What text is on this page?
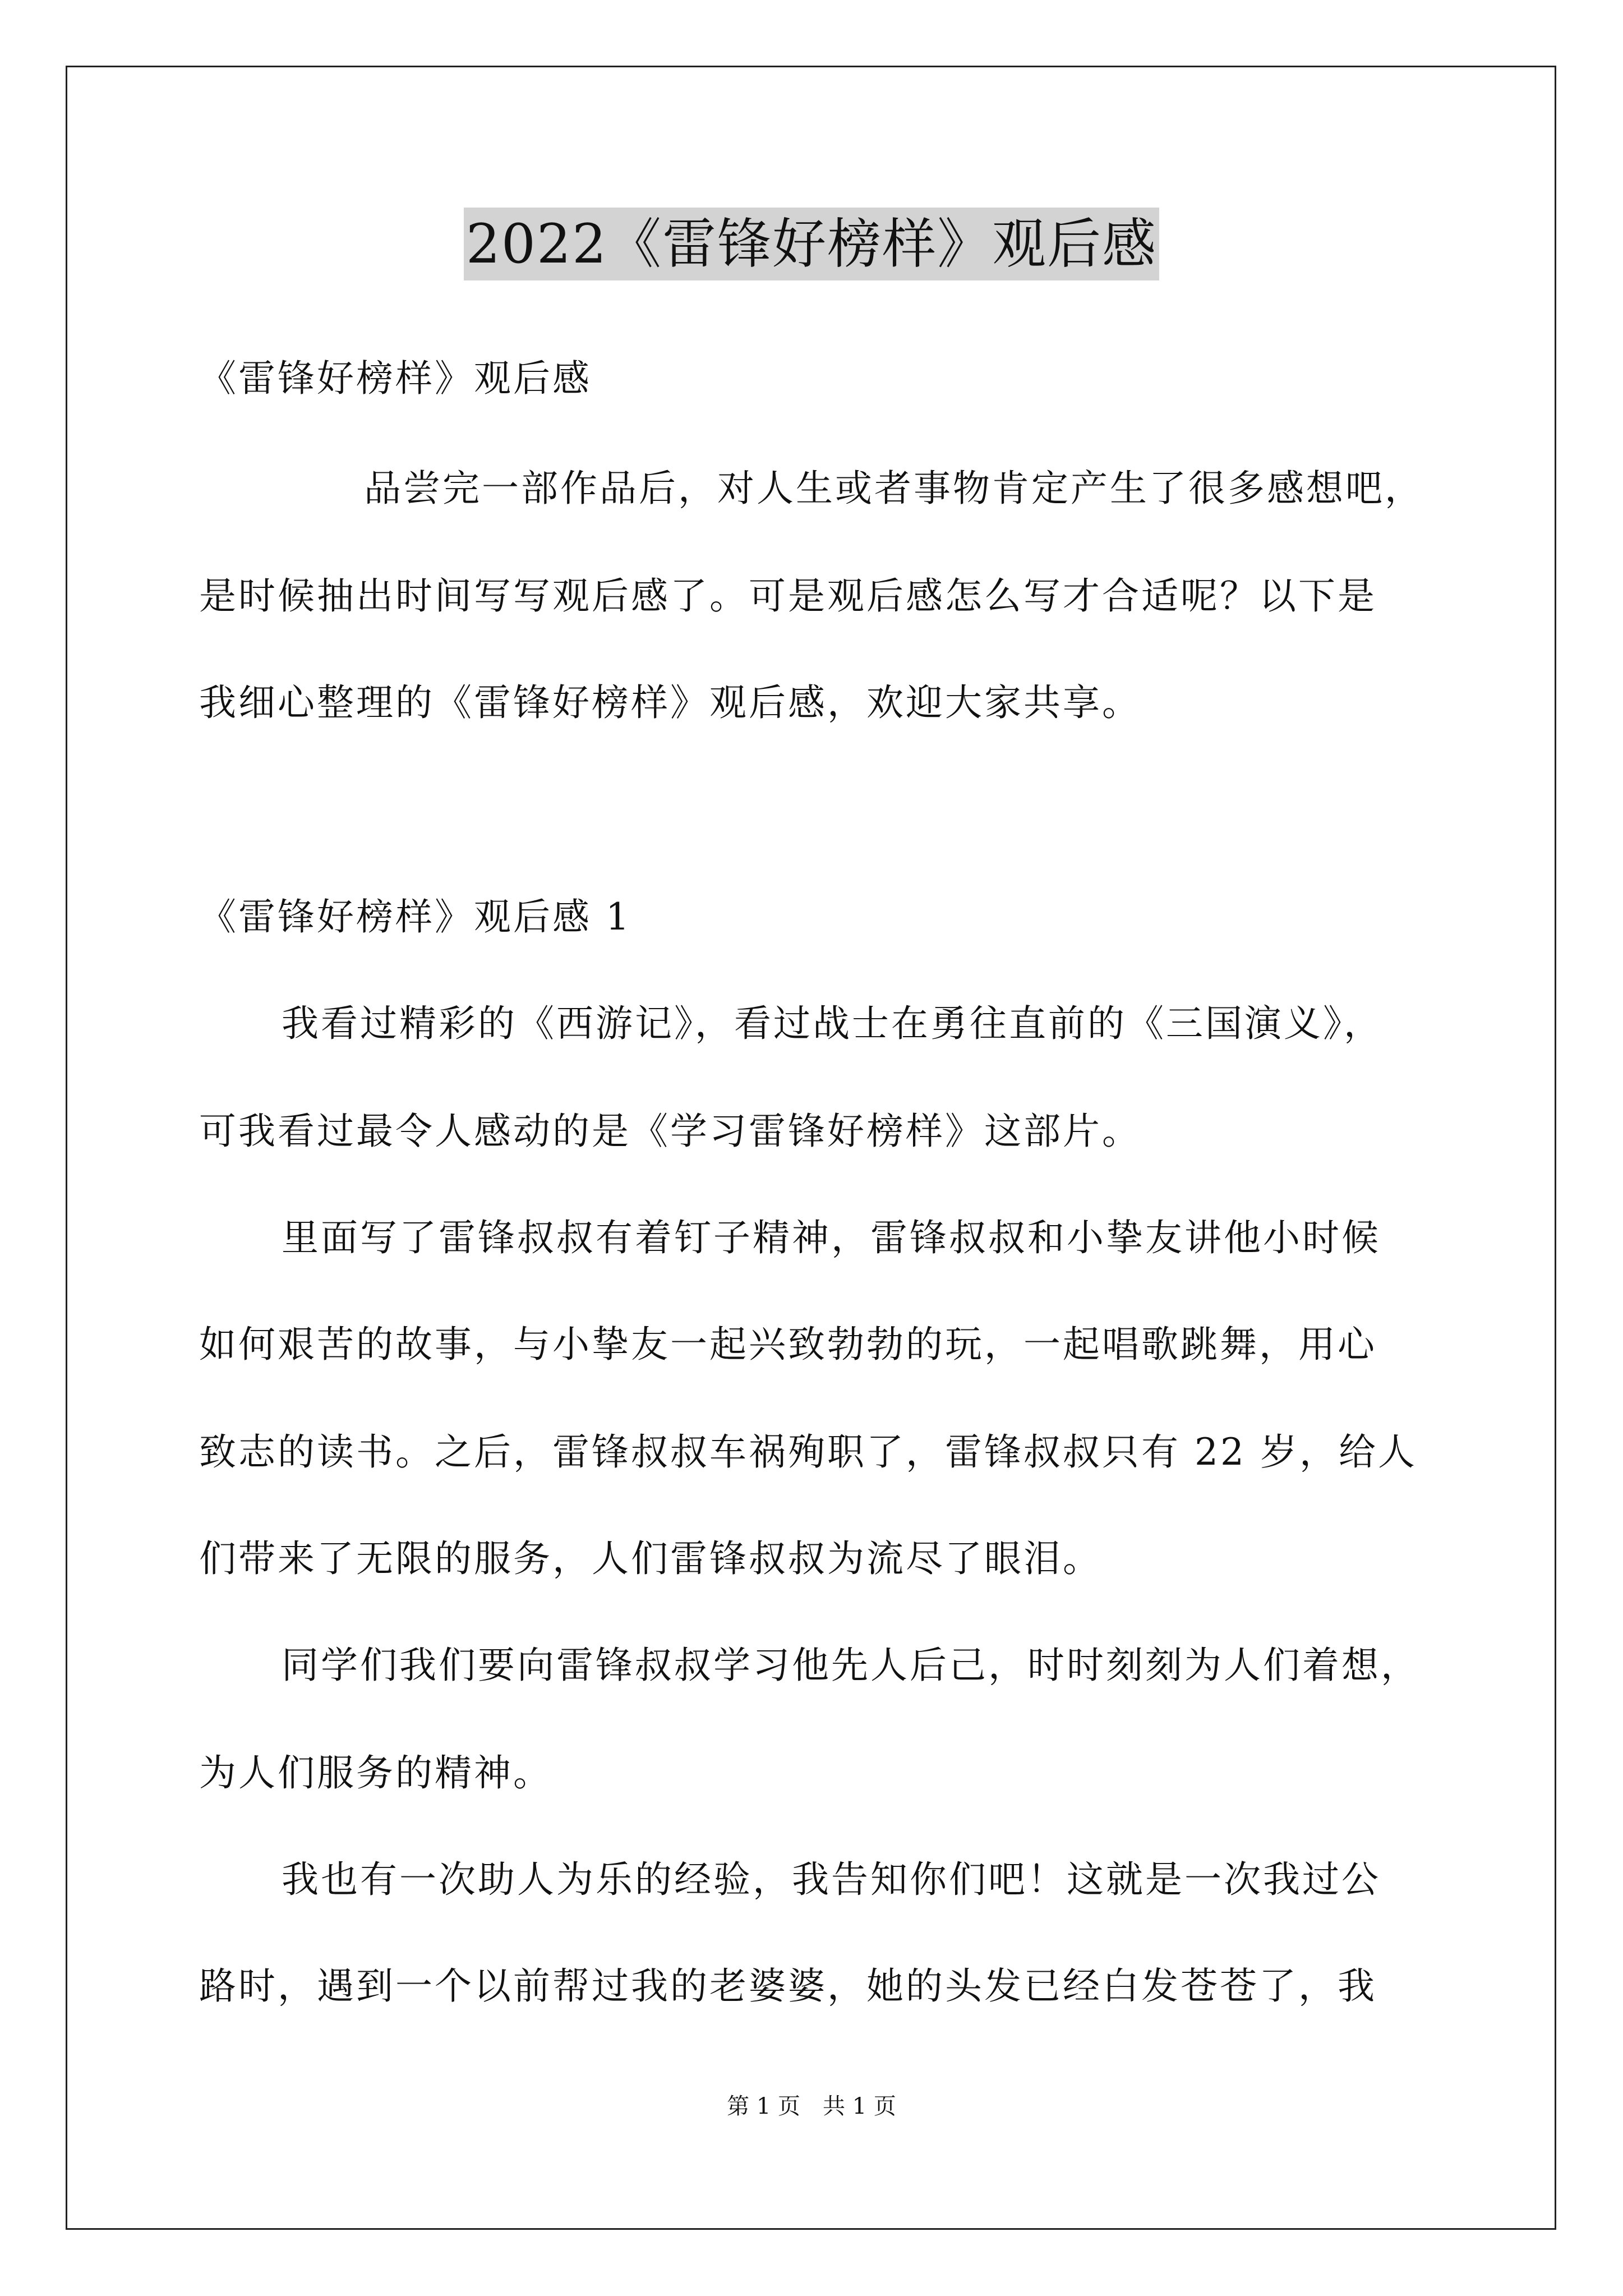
2022《雷锋好榜样》观后感
《雷锋好榜样》观后感
品尝完一部作品后，对人生或者事物肯定产生了很多感想吧，
是时候抽出时间写写观后感了。可是观后感怎么写才合适呢？以下是
我细心整理的《雷锋好榜样》观后感，欢迎大家共享。
《雷锋好榜样》观后感 1
我看过精彩的《西游记》，看过战士在勇往直前的《三国演义》，
可我看过最令人感动的是《学习雷锋好榜样》这部片。
里面写了雷锋叔叔有着钉子精神，雷锋叔叔和小挚友讲他小时候
如何艰苦的故事，与小挚友一起兴致勃勃的玩，一起唱歌跳舞，用心
致志的读书。之后，雷锋叔叔车祸殉职了，雷锋叔叔只有 22 岁，给人
们带来了无限的服务，人们雷锋叔叔为流尽了眼泪。
同学们我们要向雷锋叔叔学习他先人后己，时时刻刻为人们着想，
为人们服务的精神。
我也有一次助人为乐的经验，我告知你们吧！这就是一次我过公
路时，遇到一个以前帮过我的老婆婆，她的头发已经白发苍苍了，我
第 1 页 共 1 页
